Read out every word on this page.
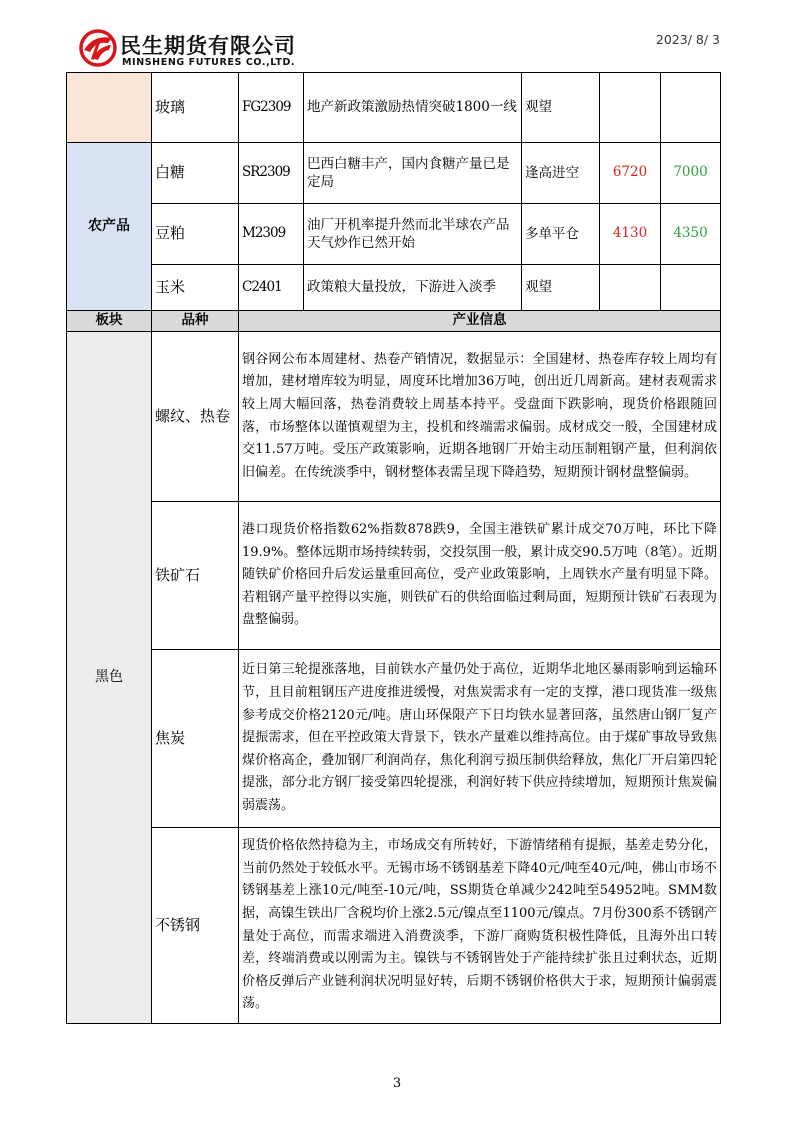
民生期货有限公司
MINSHENG FUTURES CO.,LTD.
2023/ 8/ 3
	玻璃	FG2309	地产新政策激励热情突破1800一线	观望		
农产品	白糖	SR2309	巴西白糖丰产，国内食糖产量已是定局	逢高进空	6720	7000
	豆粕	M2309	油厂开机率提升然而北半球农产品天气炒作已然开始	多单平仓	4130	4350
	玉米	C2401	政策粮大量投放，下游进入淡季	观望		
板块	品种	产业信息				
黑色	螺纹、热卷	钢谷网公布本周建材、热卷产销情况，数据显示：全国建材、热卷库存较上周均有增加，建材增库较为明显，周度环比增加36万吨，创出近几周新高。建材表观需求较上周大幅回落，热卷消费较上周基本持平。受盘面下跌影响，现货价格跟随回落，市场整体以谨慎观望为主，投机和终端需求偏弱。成材成交一般，全国建材成交11.57万吨。受压产政策影响，近期各地钢厂开始主动压制粗钢产量，但利润依旧偏差。在传统淡季中，钢材整体表需呈现下降趋势，短期预计钢材盘整偏弱。				
	铁矿石	港口现货价格指数62%指数878跌9，全国主港铁矿累计成交70万吨，环比下降19.9%。整体远期市场持续转弱，交投氛围一般，累计成交90.5万吨（8笔）。近期随铁矿价格回升后发运量重回高位，受产业政策影响，上周铁水产量有明显下降。若粗钢产量平控得以实施，则铁矿石的供给面临过剩局面，短期预计铁矿石表现为盘整偏弱。				
	焦炭	近日第三轮提涨落地，目前铁水产量仍处于高位，近期华北地区暴雨影响到运输环节，且目前粗钢压产进度推进缓慢，对焦炭需求有一定的支撑，港口现货准一级焦参考成交价格2120元/吨。唐山环保限产下日均铁水显著回落，虽然唐山钢厂复产提振需求，但在平控政策大背景下，铁水产量难以维持高位。由于煤矿事故导致焦煤价格高企，叠加钢厂利润尚存，焦化利润亏损压制供给释放，焦化厂开启第四轮提涨，部分北方钢厂接受第四轮提涨，利润好转下供应持续增加，短期预计焦炭偏弱震荡。				
	不锈钢	现货价格依然持稳为主，市场成交有所转好，下游情绪稍有提振，基差走势分化，当前仍然处于较低水平。无锡市场不锈钢基差下降40元/吨至40元/吨，佛山市场不锈钢基差上涨10元/吨至-10元/吨，SS期货仓单减少242吨至54952吨。SMM数据，高镍生铁出厂含税均价上涨2.5元/镍点至1100元/镍点。7月份300系不锈钢产量处于高位，而需求端进入消费淡季，下游厂商购货积极性降低，且海外出口转差，终端消费或以刚需为主。镍铁与不锈钢皆处于产能持续扩张且过剩状态，近期价格反弹后产业链利润状况明显好转，后期不锈钢价格供大于求，短期预计偏弱震荡。				
3
